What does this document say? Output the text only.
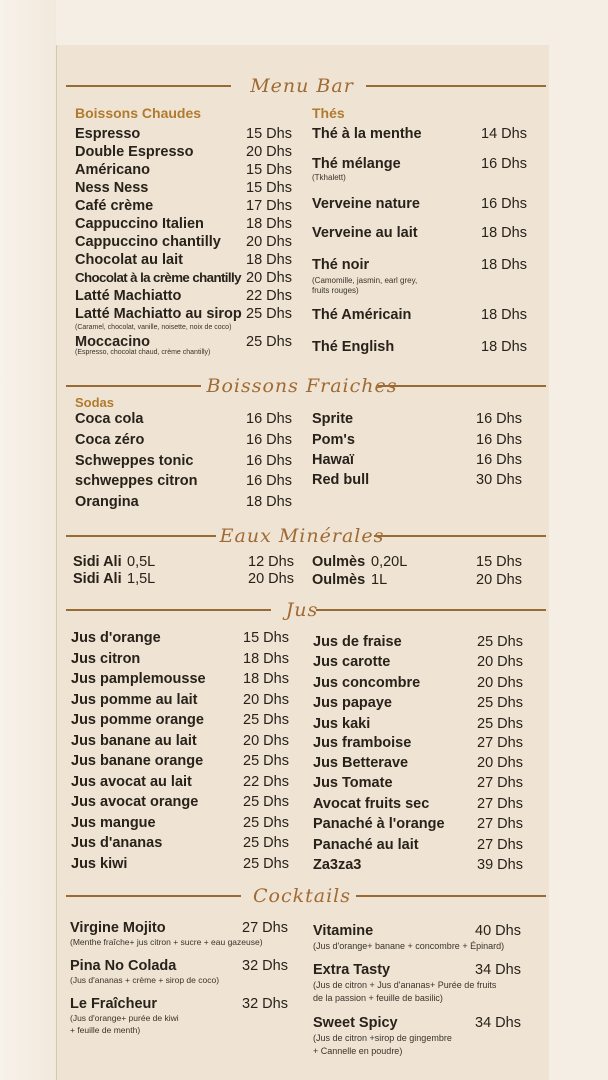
Menu Bar
Boissons Chaudes
Espresso	15 Dhs
Double Espresso	20 Dhs
Américano	15 Dhs
Ness Ness	15 Dhs
Café crème	17 Dhs
Cappuccino Italien	18 Dhs
Cappuccino chantilly 20 Dhs
Chocolat au lait	18 Dhs
Chocolat à la crème chantilly 20 Dhs
Latté Machiatto	22 Dhs
Latté Machiatto au sirop 25 Dhs
(Caramel, chocolat, vanille, noisette, noix de coco)
Moccacino	25 Dhs
(Espresso, chocolat chaud, crème chantilly)
Thés
Thé à la menthe	14 Dhs
Thé mélange	16 Dhs
(Tkhalett)
Verveine nature	16 Dhs
Verveine au lait	18 Dhs
Thé noir	18 Dhs
(Camomille, jasmin, earl grey,
fruits rouges)
Thé Américain	18 Dhs
Thé English	18 Dhs
Boissons Fraiches
Sodas
Coca cola	16 Dhs
Coca zéro	16 Dhs
Schweppes tonic	16 Dhs
schweppes citron	16 Dhs
Orangina	18 Dhs
Sprite	16 Dhs
Pom's	16 Dhs
Hawaï	16 Dhs
Red bull	30 Dhs
Eaux Minérales
Sidi Ali 0,5L	12 Dhs
Sidi Ali 1,5L	20 Dhs
Oulmès 0,20L	15 Dhs
Oulmès 1L	20 Dhs
Jus
Jus d'orange	15 Dhs
Jus citron	18 Dhs
Jus pamplemousse	18 Dhs
Jus pomme au lait	20 Dhs
Jus pomme orange	25 Dhs
Jus banane au lait	20 Dhs
Jus banane orange	25 Dhs
Jus avocat au lait	22 Dhs
Jus avocat orange	25 Dhs
Jus mangue	25 Dhs
Jus d'ananas	25 Dhs
Jus kiwi	25 Dhs
Jus de fraise	25 Dhs
Jus carotte	20 Dhs
Jus concombre	20 Dhs
Jus papaye	25 Dhs
Jus kaki	25 Dhs
Jus framboise	27 Dhs
Jus Betterave	20 Dhs
Jus Tomate	27 Dhs
Avocat fruits sec	27 Dhs
Panaché à l'orange 27 Dhs
Panaché au lait	27 Dhs
Za3za3	39 Dhs
Cocktails
Virgine Mojito	27 Dhs
(Menthe fraîche+ jus citron + sucre + eau gazeuse)
Pina No Colada	32 Dhs
(Jus d'ananas + crème + sirop de coco)
Le Fraîcheur	32 Dhs
(Jus d'orange+ purée de kiwi
+ feuille de menth)
Vitamine	40 Dhs
(Jus d'orange+ banane + concombre + Épinard)
Extra Tasty	34 Dhs
(Jus de citron + Jus d'ananas+ Purée de fruits
de la passion + feuille de basilic)
Sweet Spicy	34 Dhs
(Jus de citron +sirop de gingembre
+ Cannelle en poudre)
